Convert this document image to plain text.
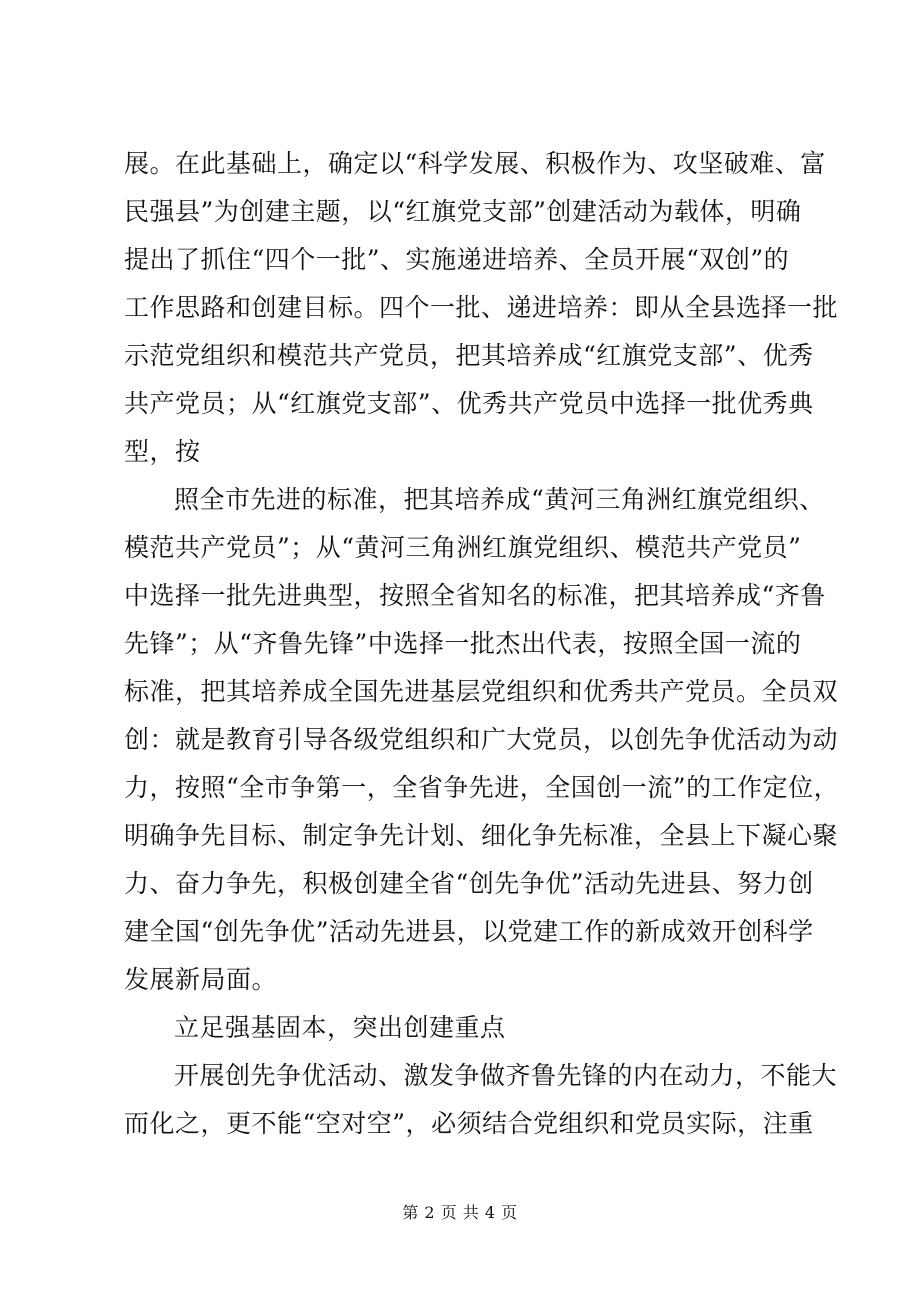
展。在此基础上，确定以“科学发展、积极作为、攻坚破难、富
民强县”为创建主题，以“红旗党支部”创建活动为载体，明确
提出了抓住“四个一批”、实施递进培养、全员开展“双创”的
工作思路和创建目标。四个一批、递进培养：即从全县选择一批
示范党组织和模范共产党员，把其培养成“红旗党支部”、优秀
共产党员；从“红旗党支部”、优秀共产党员中选择一批优秀典
型，按
照全市先进的标准，把其培养成“黄河三角洲红旗党组织、
模范共产党员”；从“黄河三角洲红旗党组织、模范共产党员”
中选择一批先进典型，按照全省知名的标准，把其培养成“齐鲁
先锋”；从“齐鲁先锋”中选择一批杰出代表，按照全国一流的
标准，把其培养成全国先进基层党组织和优秀共产党员。全员双
创：就是教育引导各级党组织和广大党员，以创先争优活动为动
力，按照“全市争第一，全省争先进，全国创一流”的工作定位，
明确争先目标、制定争先计划、细化争先标准，全县上下凝心聚
力、奋力争先，积极创建全省“创先争优”活动先进县、努力创
建全国“创先争优”活动先进县，以党建工作的新成效开创科学
发展新局面。
立足强基固本，突出创建重点
开展创先争优活动、激发争做齐鲁先锋的内在动力，不能大
而化之，更不能“空对空”，必须结合党组织和党员实际，注重
第 2 页 共 4 页
